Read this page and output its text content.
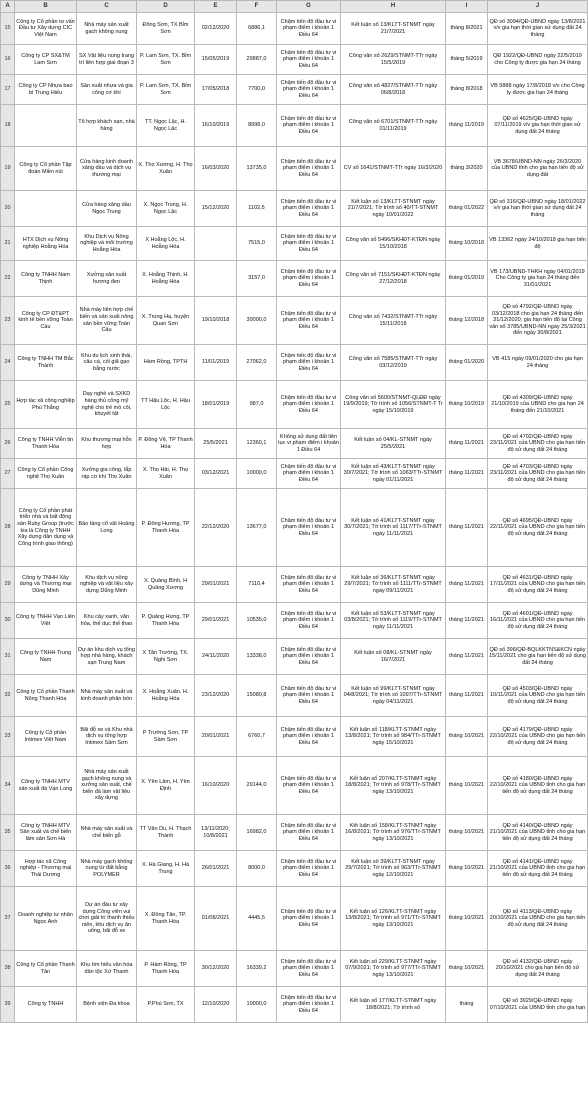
A	B	C	D	E	F	G	H	I	J
15	Công ty Cổ phần tư vấn Đầu tư Xây dựng CIC Việt Nam	Nhà máy sản xuất gạch không nung	Đông Sơn, TX Bỉm Sơn	02/12/2020	6886,1	Chậm tiến độ đầu tư vi phạm điểm i khoản 1 Điều 64	Kết luận số 13/KLTT-STNMT ngày 21/7/2021	tháng 8/2021	QĐ số 3094/QĐ-UBND ngày 13/8/2021 v/v gia hạn thời gian sử dụng đất 24 tháng
16	Công ty CP SX&TM Lam Sơn	SX Vật liệu nung trang trí liên hợp giai đoạn 3	P. Lam Sơn, TX. Bỉm Sơn	15/05/2019	29887,0	Chậm tiến độ đầu tư vi phạm điểm i khoản 1 Điều 64	Công văn số 2629/STNMT-TTr ngày 15/5/2019	tháng 5/2019	QĐ 1922/QĐ-UBND ngày 22/5/2019 cho Công ty được gia hạn 24 tháng
17	Công ty CP Nhựa bao bì Trung Hiếu	Sản xuất nhựa và gia công cơ khí	P. Lam Sơn, TX. Bỉm Sơn	17/05/2018	7700,0	Chậm tiến độ đầu tư vi phạm điểm i khoản 1 Điều 64	Công văn số 4827/STNMT-TTr ngày 06/8/2018	tháng 8/2018	VB 9888 ngày 17/8/2018 v/v cho Công ty được gia hạn 24 tháng
18		Tổ hợp khách sạn, nhà hàng	TT. Ngọc Lặc, H. Ngọc Lặc	16/10/2019	8998,0	Chậm tiến độ đầu tư vi phạm điểm i khoản 1 Điều 64	Công văn số 6701/STNMT-TTr ngày 01/11/2019	tháng 11/2019	QĐ số 4625/QĐ-UBND ngày 07/11/2019 v/v gia hạn thời gian sử dụng đất 24 tháng
19	Công ty Cổ phần Tập đoàn Miền núi	Cửa hàng kinh doanh xăng dầu và dịch vụ thương mại	X. Thọ Xương, H. Thọ Xuân	16/03/2020	13735,0	Chậm tiến độ đầu tư vi phạm điểm i khoản 1 Điều 64	CV số 1641/STNMT-TTr ngày 16/3/2020	tháng 3/2020	VB 3678/UBND-NN ngày 26/3/2020 của UBND tỉnh cho gia hạn tiến độ sử dụng đất
20		Cửa hàng xăng dầu Ngọc Trung	X. Ngọc Trung, H. Ngọc Lặc	15/12/2020	1102,5	Chậm tiến độ đầu tư vi phạm điểm i khoản 1 Điều 64	Kết luận số 13/KLTT-STNMT ngày 21/7/2021; Tờ trình số 40/TT-STNMT ngày 10/01/2022	tháng 01/2022	QĐ số 316/QĐ-UBND ngày 18/01/2022 v/v gia hạn thời gian sử dụng đất 24 tháng
21	HTX Dịch vụ Nông nghiệp Hoằng Hóa	Khu Dịch vụ Nông nghiệp và môi trường Hoằng Hóa	X Hoằng Lộc, H. Hoằng Hóa		7515,0	Chậm tiến độ đầu tư vi phạm điểm i khoản 1 Điều 64	Công văn số 5496/SKHĐT-KTĐN ngày 15/10/2018	tháng 10/2018	VB 13362 ngày 24/10/2018 gia hạn tiến độ
22	Công ty TNHH Nam Thịnh	Xưởng sản xuất hương đen	X. Hoằng Thịnh, H. Hoằng Hóa		3157,0	Chậm tiến độ đầu tư vi phạm điểm i khoản 1 Điều 64	Công văn số 7151/SKHĐT-KTĐN ngày 27/12/2018	tháng 01/2019	VB 173/UBND-THKH ngày 04/01/2019 Cho Công ty gia hạn 24 tháng đến 31/01/2021
23	Công ty CP ĐT&PT kinh tế bền vững Toàn Cầu	Nhà máy liên hợp chế biến và sản xuất nông sản bền vững Toàn Cầu	X. Trung Hạ, huyện Quan Sơn	19/10/2018	30000,0	Chậm tiến độ đầu tư vi phạm điểm i khoản 1 Điều 64	Công văn số 7432/STNMT-TTr ngày 15/11/2018	tháng 12/2018	QĐ số 4792/QĐ-UBND ngày 03/12/2018 cho gia hạn 24 tháng đến 31/12/2020; gia hạn tiến độ tại Công văn số 3785/UBND-NN ngày 25/3/2021 đến ngày 30/8/2021
24	Công ty TNHH TM Bắc Thành	Khu du lịch sinh thái, câu cá, cối giã gạo bằng nước	Hàm Rồng, TPTH	11/01/2019	27062,0	Chậm tiến độ đầu tư vi phạm điểm i khoản 1 Điều 64	Công văn số 7585/STNMT-TTr ngày 03/12/2019	tháng 01/2020	VB 415 ngày 09/01/2020 cho gia hạn 24 tháng
25	Hợp tác xã công nghiệp Phú Thắng	Dạy nghề và SXKD hàng thủ công mỹ nghệ cho trẻ mồ côi, khuyết tật	TT Hậu Lộc, H. Hậu Lộc	18/01/2019	987,0	Chậm tiến độ đầu tư vi phạm điểm i khoản 1 Điều 64	Công văn số 5600/STNMT-QLĐĐ ngày 19/9/2019; Tờ trình số 1056/STNMT-T Tr ngày 15/10/2019	tháng 10/2019	QĐ số 4309/QĐ-UBND ngày 21/10/2019 của UBND cho gia hạn 24 tháng đến 21/10/2021
26	Công ty TNHH Viễn tin Thanh Hóa	Khu thương mại hỗn hợp	P. Đông Vệ, TP Thanh Hóa	25/5/2021	12360,1	Không sử dụng đất liên tục vi phạm điểm i khoản 1 Điều 64	Kết luận số 04/KL-STNMT ngày 25/5/2021	tháng 11/2021	QĐ số 4702/QĐ-UBND ngày 23/11/2021 của UBND cho gia hạn tiến độ sử dụng đất 24 tháng
27	Công ty Cổ phần Công nghệ Thọ Xuân	Xưởng gia công, lắp ráp cơ khí Thọ Xuân	X. Thọ Hải, H. Thọ Xuân	03/12/2021	10000,0	Chậm tiến độ đầu tư vi phạm điểm i khoản 1 Điều 64	Kết luận số 43/KLTT-STNMT ngày 30/7/2021; Tờ trình số 1063/TTr-STNMT ngày 01/11/2021	tháng 11/2021	QĐ số 4703/QĐ-UBND ngày 23/11/2021 của UBND cho gia hạn tiến độ sử dụng đất 24 tháng
28	Công ty Cổ phần phát triển nhà và bất động sản Ruby Group (trước kia là Công ty TNHH Xây dựng dân dụng và Công trình giao thông)	Bảo tàng cổ vật Hoàng Long	P. Đông Hương, TP Thanh Hóa	22/12/2020	13677,0	Chậm tiến độ đầu tư vi phạm điểm i khoản 1 Điều 64	Kết luận số 41/KLTT-STNMT ngày 30/7/2021; Tờ trình số 1117/TTr-STNMT ngày 11/11/2021	tháng 11/2021	QĐ số 4695/QĐ-UBND ngày 22/11/2021 của UBND cho gia hạn tiến độ sử dụng đất 24 tháng
29	Công ty TNHH Xây dựng và Thương mại Dũng Minh	Khu dịch vụ nông nghiệp và vật liệu xây dựng Dũng Minh	X. Quảng Bình, H Quảng Xương	29/01/2021	7110,4	Chậm tiến độ đầu tư vi phạm điểm i khoản 1 Điều 64	Kết luận số 36/KLTT-STNMT ngày 29/7/2021; Tờ trình số 1111/TTr-STNMT ngày 09/11/2021	tháng 11/2021	QĐ số 4631/QĐ-UBND ngày 17/11/2021 của UBND cho gia hạn tiến độ sử dụng đất 24 tháng
30	Công ty TNHH Vạn Liên Việt	Khu cây xanh, văn hóa, thể dục thể thao	P. Quảng Hưng, TP Thanh Hóa	29/01/2021	10535,0	Chậm tiến độ đầu tư vi phạm điểm i khoản 1 Điều 64	Kết luận số 53/KLTT-STNMT ngày 03/8/2021; Tờ trình số 1119/TTr-STNMT ngày 11/11/2021	tháng 11/2021	QĐ số 4601/QĐ-UBND ngày 16/11/2021 của UBND cho gia hạn tiến độ sử dụng đất 24 tháng
31	Công ty TNHH Trung Nam	Dự án khu dịch vụ tổng hợp nhà hàng, khách sạn Trung Nam	X Tân Trường, TX. Nghi Sơn	24/11/2020	13338,0	Chậm tiến độ đầu tư vi phạm điểm i khoản 1 Điều 64	Kết luận số 08/KL-STNMT ngày 16/7/2021	tháng 11/2021	QĐ số 396/QĐ-BQLKKTNS&KCN ngày 15/11/2021 cho gia hạn tiến độ sử dụng đất 24 tháng
32	Công ty Cổ phần Thanh Nông Thanh Hóa	Nhà máy sản xuất và kinh doanh phân bón	X. Hoằng Xuân, H. Hoằng Hóa	23/12/2020	15080,8	Chậm tiến độ đầu tư vi phạm điểm i khoản 1 Điều 64	Kết luận số 99/KLTT-STNMT ngày 04/8/2021; Tờ trình số 1097/TTr-STNMT ngày 04/11/2021	tháng 11/2021	QĐ số 4503/QĐ-UBND ngày 10/11/2021 của UBND cho gia hạn tiến độ sử dụng đất 24 tháng
33	Công ty Cổ phần Intimex Việt Nam	Bãi đỗ xe và Khu nhà dịch vụ tổng hợp Intimex Sầm Sơn	P Trường Sơn, TP Sầm Sơn	20/01/2021	6760,7	Chậm tiến độ đầu tư vi phạm điểm i khoản 1 Điều 64	Kết luận số 118/KLTT-STNMT ngày 13/8/2021; Tờ trình số 984/TTr-STNMT ngày 15/10/2021	tháng 10/2021	QĐ số 4179/QĐ-UBND ngày 22/10/2021 của UBND cho gia hạn tiến độ sử dụng đất 24 tháng
34	Công ty TNHH MTV sản xuất đá Vạn Long	Nhà máy sản xuất gạch không nung và xưởng sản xuất, chế biến đá làm vật liệu xây dựng	X. Yên Lâm, H. Yên Định	16/10/2020	29144,0	Chậm tiến độ đầu tư vi phạm điểm i khoản 1 Điều 64	Kết luận số 207/KLTT-STNMT ngày 18/8/2021; Tờ trình số 978/TTr-STNMT ngày 13/10/2021	tháng 10/2021	QĐ số 4180/QĐ-UBND ngày 22/10/2021 của UBND tỉnh cho gia hạn tiến độ sử dụng đất 24 tháng
35	Công ty TNHH MTV Sản xuất và chế biến lâm sản Sơn Hà	Nhà máy sản xuất và chế biến gỗ	TT Vân Du, H. Thạch Thành	13/11/2020; 10/8/2021	16982,0	Chậm tiến độ đầu tư vi phạm điểm i khoản 1 Điều 64	Kết luận số 158/KLTT-STNMT ngày 16/8/2021; Tờ trình số 976/TTr-STNMT ngày 13/10/2021	tháng 10/2021	QĐ số 4140/QĐ-UBND ngày 21/10/2021 của UBND tỉnh cho gia hạn tiến độ sử dụng đất 24 tháng
36	Hợp tác xã Công nghiệp - Thương mại Thái Dương	Nhà máy gạch không nung từ đất bằng POLYMER	X. Hà Giang, H. Hà Trung	26/01/2021	8000,0	Chậm tiến độ đầu tư vi phạm điểm i khoản 1 Điều 64	Kết luận số 39/KLTT-STNMT ngày 29/7/2021; Tờ trình số 963/TTr-STNMT ngày 12/10/2021	tháng 10/2021	QĐ số 4141/QĐ-UBND ngày 21/10/2021 của UBND tỉnh cho gia hạn tiến độ sử dụng đất 24 tháng
37	Doanh nghiệp tư nhân Ngọc Anh	Dự án đầu tư xây dựng Công viên vui chơi giải trí thanh thiếu niên, khu dịch vụ ăn uống, bãi đỗ xe	X. Đông Tân, TP. Thanh Hóa	01/08/2021	4445,5	Chậm tiến độ đầu tư vi phạm điểm i khoản 1 Điều 64	Kết luận số 126/KLTT-STNMT ngày 13/8/2021; Tờ trình số 971/TTr-STNMT ngày 13/10/2021	tháng 10/2021	QĐ số 4113/QĐ-UBND ngày 20/10/2021 của UBND cho gia hạn tiến độ sử dụng đất 24 tháng
38	Công ty Cổ phần Thanh Tân	Khu tìm hiểu văn hóa dân tộc Xứ Thanh	P. Hàm Rồng, TP Thanh Hóa	30/12/2020	16339,2	Chậm tiến độ đầu tư vi phạm điểm i khoản 1 Điều 64	Kết luận số 229/KLTT-STNMT ngày 07/9/2021; Tờ trình số 977/TTr-STNMT ngày 13/10/2021	tháng 10/2021	QĐ số 4132/QĐ-UBND ngày 20/10/2021 cho gia hạn tiến độ sử dụng đất 24 tháng
39	Công ty TNHH	Bệnh viện Đa khoa	P.Phú Sơn, TX	12/10/2020	10000,0	Chậm tiến độ đầu tư vi phạm điểm i khoản 1 Điều 64	Kết luận số 177/KLTT-STNMT ngày 18/8/2021; Tờ trình số	tháng	QĐ số 3929/QĐ-UBND ngày 07/10/2021 của UBND tỉnh cho gia hạn
